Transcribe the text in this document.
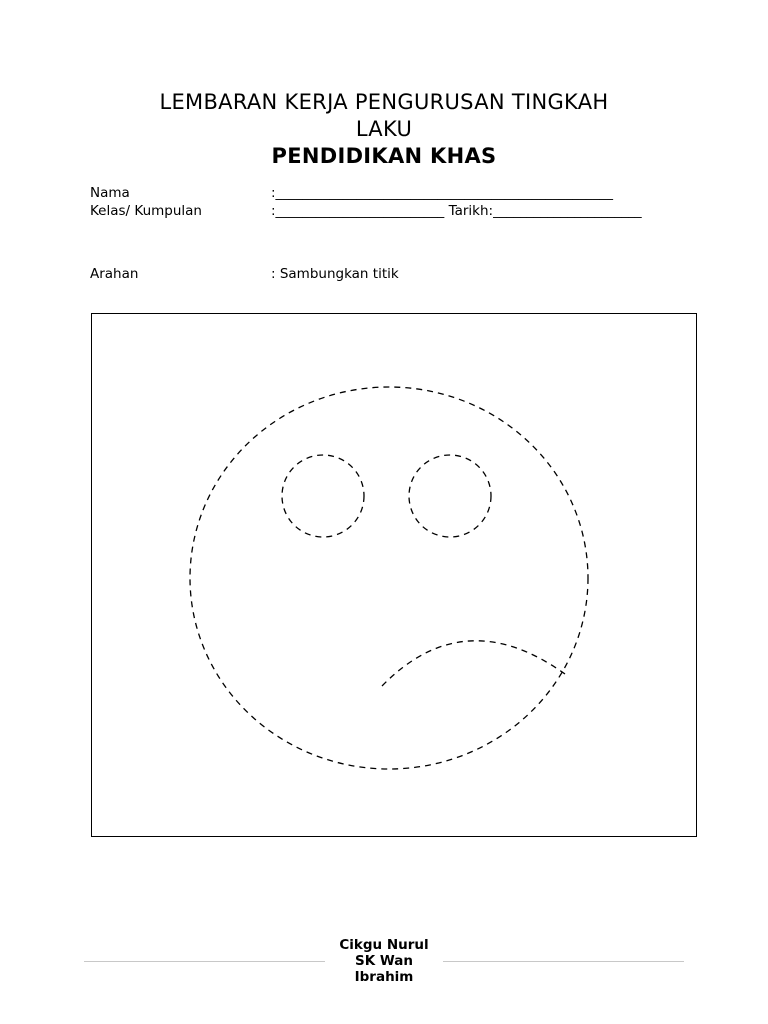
LEMBARAN KERJA PENGURUSAN TINGKAH
LAKU
PENDIDIKAN KHAS
Nama	:__________________________________________________
Kelas/ Kumpulan	:_________________________ Tarikh:______________________
Arahan	: Sambungkan titik
Cikgu Nurul
SK Wan
Ibrahim
